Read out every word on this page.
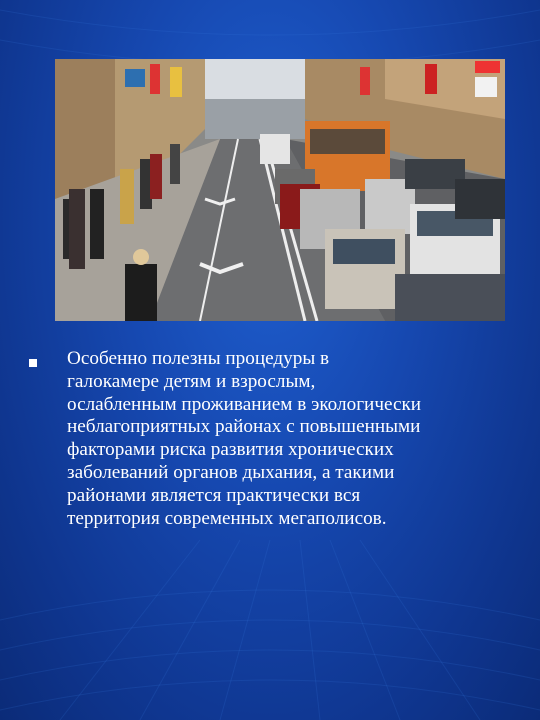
Особенно полезны процедуры в
галокамере детям и взрослым,
ослабленным проживанием в экологически
неблагоприятных районах с повышенными
факторами риска развития хронических
заболеваний органов дыхания, а такими
районами является практически вся
территория современных мегаполисов.
